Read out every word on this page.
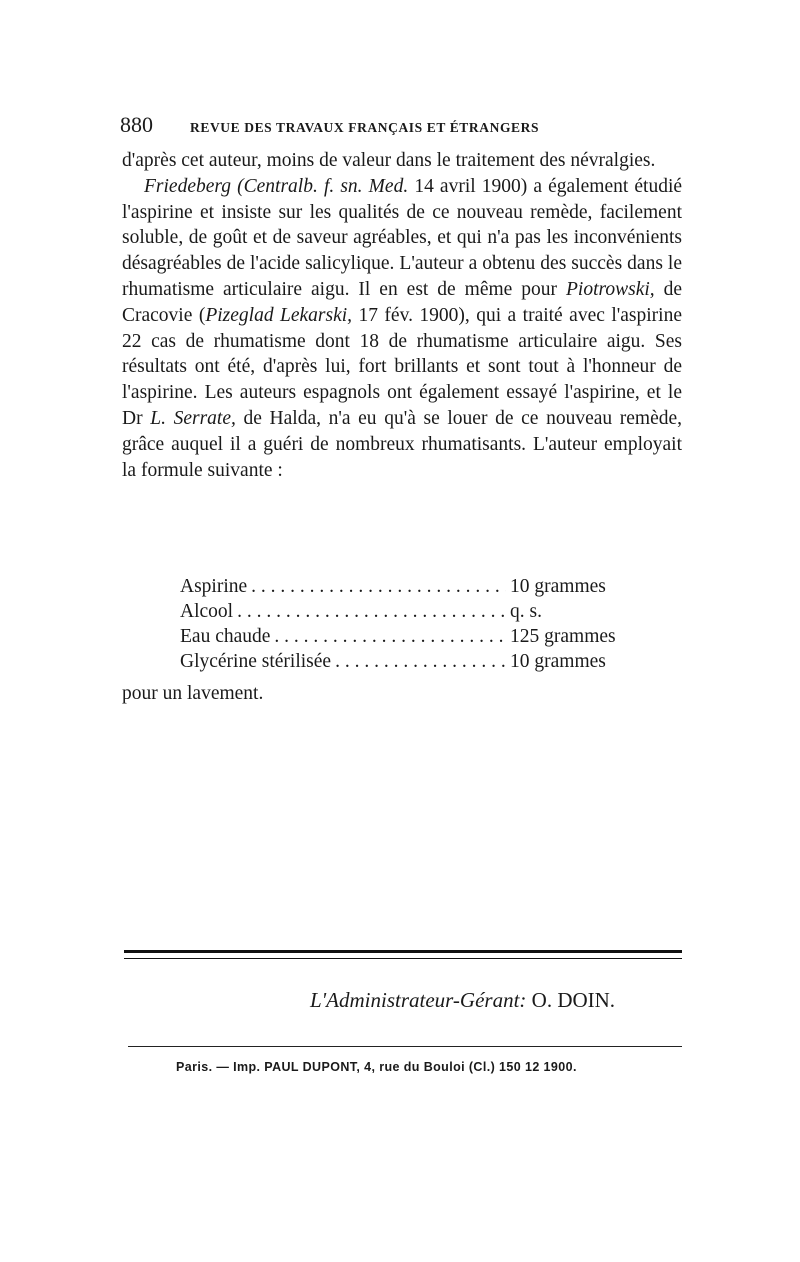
880	REVUE DES TRAVAUX FRANÇAIS ET ÉTRANGERS

d'après cet auteur, moins de valeur dans le traitement des névralgies.

Friedeberg (Centralb. f. sn. Med. 14 avril 1900) a également étudié l'aspirine et insiste sur les qualités de ce nouveau remède, facilement soluble, de goût et de saveur agréables, et qui n'a pas les inconvénients désagréables de l'acide salicylique. L'auteur a obtenu des succès dans le rhumatisme articulaire aigu. Il en est de même pour Piotrowski, de Cracovie (Pizeglad Lekarski, 17 fév. 1900), qui a traité avec l'aspirine 22 cas de rhumatisme dont 18 de rhumatisme articulaire aigu. Ses résultats ont été, d'après lui, fort brillants et sont tout à l'honneur de l'aspirine. Les auteurs espagnols ont également essayé l'aspirine, et le Dr L. Serrate, de Halda, n'a eu qu'à se louer de ce nouveau remède, grâce auquel il a guéri de nombreux rhumatisants. L'auteur employait la formule suivante :

Aspirine . . .	10 grammes
Alcool . . .	q. s.
Eau chaude . . .	125 grammes
Glycérine stérilisée . . .	10 grammes
pour un lavement.
L'Administrateur-Gérant: O. DOIN.
Paris. — Imp. PAUL DUPONT, 4, rue du Bouloi (Cl.) 150 12 1900.
